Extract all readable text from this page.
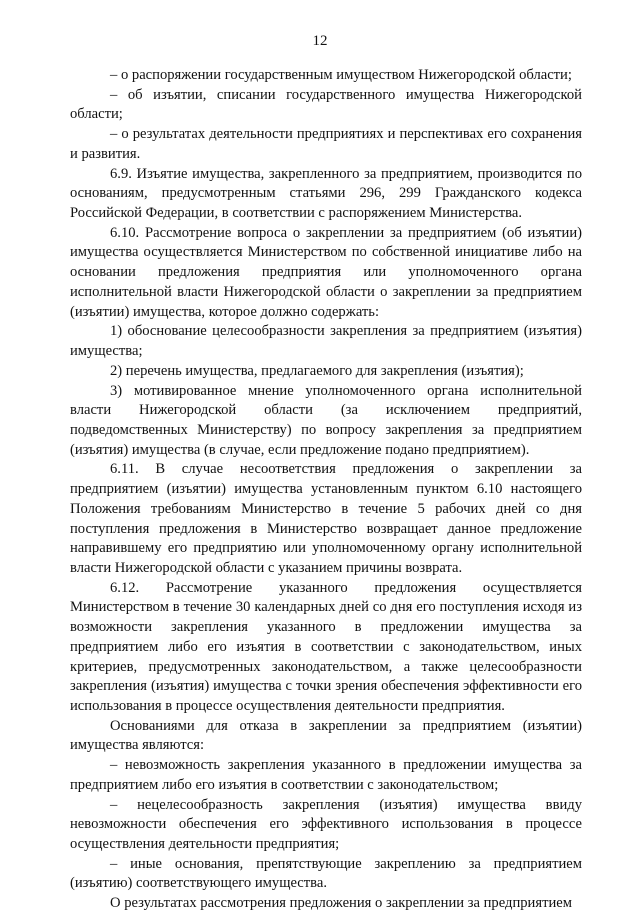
12

– о распоряжении государственным имуществом Нижегородской области;

– об изъятии, списании государственного имущества Нижегородской области;

– о результатах деятельности предприятиях и перспективах его сохранения и развития.

6.9. Изъятие имущества, закрепленного за предприятием, производится по основаниям, предусмотренным статьями 296, 299 Гражданского кодекса Российской Федерации, в соответствии с распоряжением Министерства.

6.10. Рассмотрение вопроса о закреплении за предприятием (об изъятии) имущества осуществляется Министерством по собственной инициативе либо на основании предложения предприятия или уполномоченного органа исполнительной власти Нижегородской области о закреплении за предприятием (изъятии) имущества, которое должно содержать:

1) обоснование целесообразности закрепления за предприятием (изъятия) имущества;

2) перечень имущества, предлагаемого для закрепления (изъятия);

3) мотивированное мнение уполномоченного органа исполнительной власти Нижегородской области (за исключением предприятий, подведомственных Министерству) по вопросу закрепления за предприятием (изъятия) имущества (в случае, если предложение подано предприятием).

6.11. В случае несоответствия предложения о закреплении за предприятием (изъятии) имущества установленным пунктом 6.10 настоящего Положения требованиям Министерство в течение 5 рабочих дней со дня поступления предложения в Министерство возвращает данное предложение направившему его предприятию или уполномоченному органу исполнительной власти Нижегородской области с указанием причины возврата.

6.12. Рассмотрение указанного предложения осуществляется Министерством в течение 30 календарных дней со дня его поступления исходя из возможности закрепления указанного в предложении имущества за предприятием либо его изъятия в соответствии с законодательством, иных критериев, предусмотренных законодательством, а также целесообразности закрепления (изъятия) имущества с точки зрения обеспечения эффективности его использования в процессе осуществления деятельности предприятия.

Основаниями для отказа в закреплении за предприятием (изъятии) имущества являются:

– невозможность закрепления указанного в предложении имущества за предприятием либо его изъятия в соответствии с законодательством;

– нецелесообразность закрепления (изъятия) имущества ввиду невозможности обеспечения его эффективного использования в процессе осуществления деятельности предприятия;

– иные основания, препятствующие закреплению за предприятием (изъятию) соответствующего имущества.

О результатах рассмотрения предложения о закреплении за предприятием
